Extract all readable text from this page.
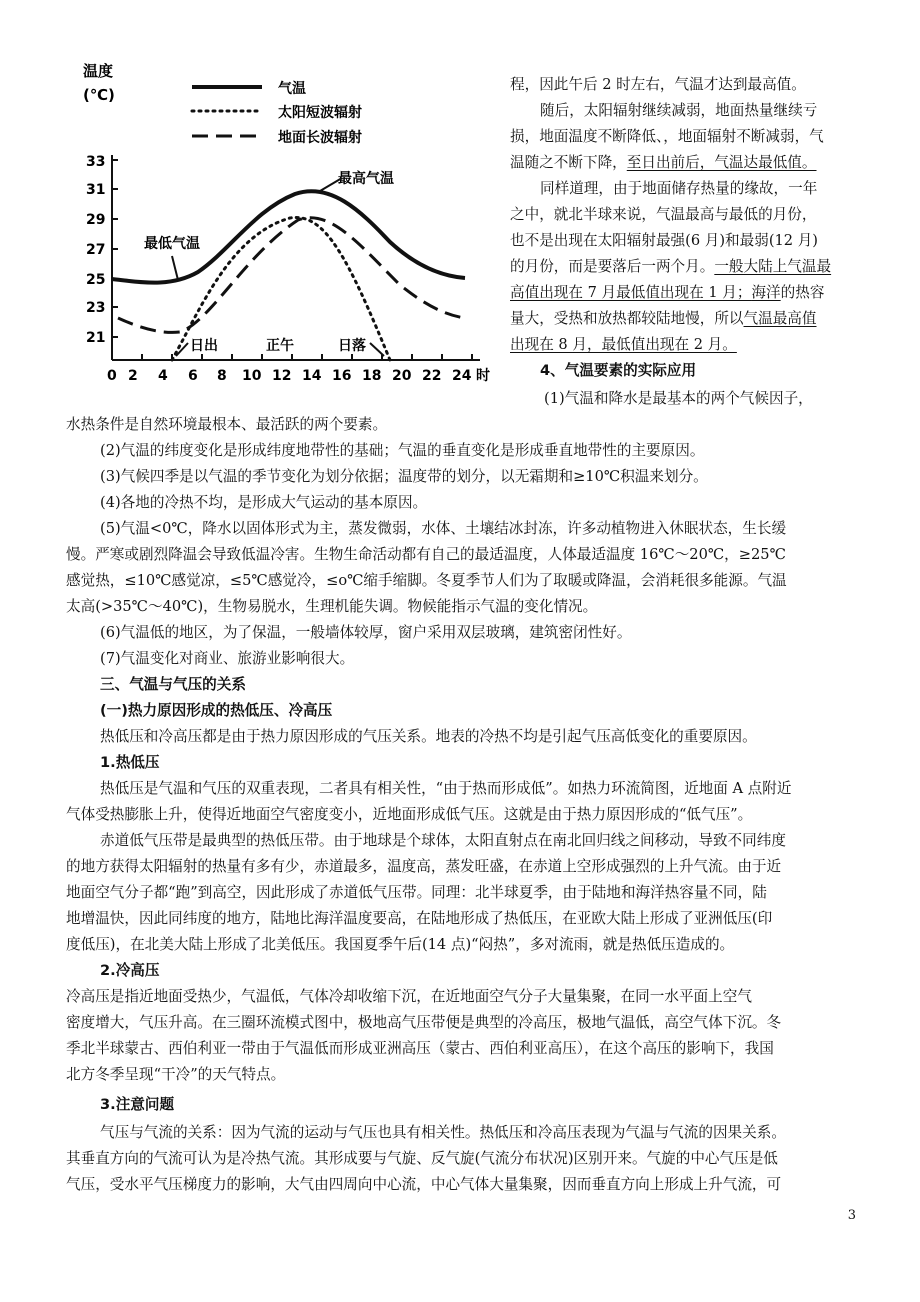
温度
(℃)	气温
太阳短波辐射
地面长波辐射
33
31
29
27
25
23
21
0 2 4 6 8 10 12 14 16 18 20 22 24 时
最高气温
最低气温
日出	正午	日落

程，因此午后 2 时左右，气温才达到最高值。

随后，太阳辐射继续减弱，地面热量继续亏

损，地面温度不断降低、，地面辐射不断减弱，气

温随之不断下降，至日出前后，气温达最低值。

同样道理，由于地面储存热量的缘故，一年

之中，就北半球来说，气温最高与最低的月份，

也不是出现在太阳辐射最强(6 月)和最弱(12 月)

的月份，而是要落后一两个月。一般大陆上气温最

高值出现在 7 月最低值出现在 1 月；海洋的热容

量大，受热和放热都较陆地慢，所以气温最高值

出现在 8 月，最低值出现在 2 月。

4、气温要素的实际应用

(1)气温和降水是最基本的两个气候因子，

水热条件是自然环境最根本、最活跃的两个要素。

(2)气温的纬度变化是形成纬度地带性的基础；气温的垂直变化是形成垂直地带性的主要原因。

(3)气候四季是以气温的季节变化为划分依据；温度带的划分，以无霜期和≥10℃积温来划分。

(4)各地的冷热不均，是形成大气运动的基本原因。

(5)气温<0℃，降水以固体形式为主，蒸发微弱，水体、土壤结冰封冻，许多动植物进入休眠状态，生长缓

慢。严寒或剧烈降温会导致低温冷害。生物生命活动都有自己的最适温度，人体最适温度 16℃～20℃，≥25℃

感觉热，≤10℃感觉凉，≤5℃感觉冷，≤o℃缩手缩脚。冬夏季节人们为了取暖或降温，会消耗很多能源。气温

太高(>35℃～40℃)，生物易脱水，生理机能失调。物候能指示气温的变化情况。

(6)气温低的地区，为了保温，一般墙体较厚，窗户采用双层玻璃，建筑密闭性好。

(7)气温变化对商业、旅游业影响很大。

三、气温与气压的关系

(一)热力原因形成的热低压、冷高压

热低压和冷高压都是由于热力原因形成的气压关系。地表的冷热不均是引起气压高低变化的重要原因。

1.热低压

热低压是气温和气压的双重表现，二者具有相关性，“由于热而形成低”。如热力环流简图，近地面 A 点附近

气体受热膨胀上升，使得近地面空气密度变小，近地面形成低气压。这就是由于热力原因形成的“低气压”。

赤道低气压带是最典型的热低压带。由于地球是个球体，太阳直射点在南北回归线之间移动，导致不同纬度

的地方获得太阳辐射的热量有多有少，赤道最多，温度高，蒸发旺盛，在赤道上空形成强烈的上升气流。由于近

地面空气分子都“跑”到高空，因此形成了赤道低气压带。同理：北半球夏季，由于陆地和海洋热容量不同，陆

地增温快，因此同纬度的地方，陆地比海洋温度要高，在陆地形成了热低压，在亚欧大陆上形成了亚洲低压(印

度低压)，在北美大陆上形成了北美低压。我国夏季午后(14 点)“闷热”，多对流雨，就是热低压造成的。

2.冷高压

冷高压是指近地面受热少，气温低，气体冷却收缩下沉，在近地面空气分子大量集聚，在同一水平面上空气

密度增大，气压升高。在三圈环流模式图中，极地高气压带便是典型的冷高压，极地气温低，高空气体下沉。冬

季北半球蒙古、西伯利亚一带由于气温低而形成亚洲高压（蒙古、西伯利亚高压），在这个高压的影响下，我国

北方冬季呈现“干冷”的天气特点。

3.注意问题

气压与气流的关系：因为气流的运动与气压也具有相关性。热低压和冷高压表现为气温与气流的因果关系。

其垂直方向的气流可认为是冷热气流。其形成要与气旋、反气旋(气流分布状况)区别开来。气旋的中心气压是低

气压，受水平气压梯度力的影响，大气由四周向中心流，中心气体大量集聚，因而垂直方向上形成上升气流，可

3
